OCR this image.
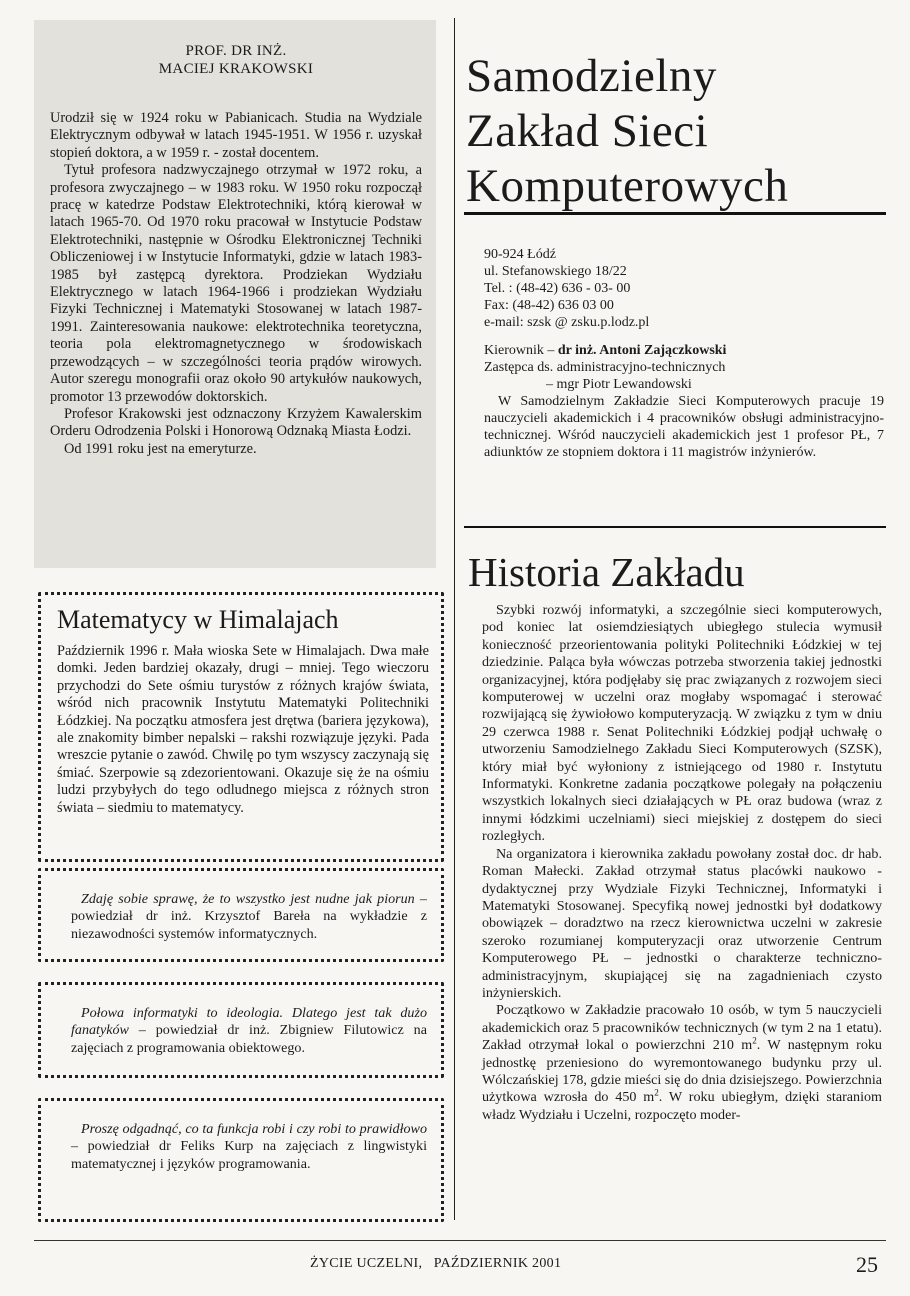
PROF. DR INŻ.
MACIEJ KRAKOWSKI

Urodził się w 1924 roku w Pabianicach. Studia na Wydziale Elektrycznym odbywał w latach 1945-1951. W 1956 r. uzyskał stopień doktora, a w 1959 r. - został docentem.

Tytuł profesora nadzwyczajnego otrzymał w 1972 roku, a profesora zwyczajnego – w 1983 roku. W 1950 roku rozpoczął pracę w katedrze Podstaw Elektrotechniki, którą kierował w latach 1965-70. Od 1970 roku pracował w Instytucie Podstaw Elektrotechniki, następnie w Ośrodku Elektronicznej Techniki Obliczeniowej i w Instytucie Informatyki, gdzie w latach 1983-1985 był zastępcą dyrektora. Prodziekan Wydziału Elektrycznego w latach 1964-1966 i prodziekan Wydziału Fizyki Technicznej i Matematyki Stosowanej w latach 1987-1991. Zainteresowania naukowe: elektrotechnika teoretyczna, teoria pola elektromagnetycznego w środowiskach przewodzących – w szczególności teoria prądów wirowych. Autor szeregu monografii oraz około 90 artykułów naukowych, promotor 13 przewodów doktorskich.

Profesor Krakowski jest odznaczony Krzyżem Kawalerskim Orderu Odrodzenia Polski i Honorową Odznaką Miasta Łodzi.

Od 1991 roku jest na emeryturze.

Samodzielny
Zakład Sieci
Komputerowych
90-924 Łódź
ul. Stefanowskiego 18/22
Tel. : (48-42) 636 - 03- 00
Fax: (48-42) 636 03 00
e-mail: szsk @ zsku.p.lodz.pl
Kierownik – dr inż. Antoni Zajączkowski
Zastępca ds. administracyjno-technicznych
– mgr Piotr Lewandowski

W Samodzielnym Zakładzie Sieci Komputerowych pracuje 19 nauczycieli akademickich i 4 pracowników obsługi administracyjno-technicznej. Wśród nauczycieli akademickich jest 1 profesor PŁ, 7 adiunktów ze stopniem doktora i 11 magistrów inżynierów.

Historia Zakładu

Szybki rozwój informatyki, a szczególnie sieci komputerowych, pod koniec lat osiemdziesiątych ubiegłego stulecia wymusił konieczność przeorientowania polityki Politechniki Łódzkiej w tej dziedzinie. Paląca była wówczas potrzeba stworzenia takiej jednostki organizacyjnej, która podjęłaby się prac związanych z rozwojem sieci komputerowej w uczelni oraz mogłaby wspomagać i sterować rozwijającą się żywiołowo komputeryzacją. W związku z tym w dniu 29 czerwca 1988 r. Senat Politechniki Łódzkiej podjął uchwałę o utworzeniu Samodzielnego Zakładu Sieci Komputerowych (SZSK), który miał być wyłoniony z istniejącego od 1980 r. Instytutu Informatyki. Konkretne zadania początkowe polegały na połączeniu wszystkich lokalnych sieci działających w PŁ oraz budowa (wraz z innymi łódzkimi uczelniami) sieci miejskiej z dostępem do sieci rozległych.

Na organizatora i kierownika zakładu powołany został doc. dr hab. Roman Małecki. Zakład otrzymał status placówki naukowo - dydaktycznej przy Wydziale Fizyki Technicznej, Informatyki i Matematyki Stosowanej. Specyfiką nowej jednostki był dodatkowy obowiązek – doradztwo na rzecz kierownictwa uczelni w zakresie szeroko rozumianej komputeryzacji oraz utworzenie Centrum Komputerowego PŁ – jednostki o charakterze techniczno-administracyjnym, skupiającej się na zagadnieniach czysto inżynierskich.

Początkowo w Zakładzie pracowało 10 osób, w tym 5 nauczycieli akademickich oraz 5 pracowników technicznych (w tym 2 na 1 etatu). Zakład otrzymał lokal o powierzchni 210 $m^2$. W następnym roku jednostkę przeniesiono do wyremontowanego budynku przy ul. Wólczańskiej 178, gdzie mieści się do dnia dzisiejszego. Powierzchnia użytkowa wzrosła do 450 $m^2$. W roku ubiegłym, dzięki staraniom władz Wydziału i Uczelni, rozpoczęto moder-

Matematycy w Himalajach
Październik 1996 r. Mała wioska Sete w Himalajach. Dwa małe domki. Jeden bardziej okazały, drugi – mniej. Tego wieczoru przychodzi do Sete ośmiu turystów z różnych krajów świata, wśród nich pracownik Instytutu Matematyki Politechniki Łódzkiej. Na początku atmosfera jest drętwa (bariera językowa), ale znakomity bimber nepalski – rakshi rozwiązuje języki. Pada wreszcie pytanie o zawód. Chwilę po tym wszyscy zaczynają się śmiać. Szerpowie są zdezorientowani. Okazuje się że na ośmiu ludzi przybyłych do tego odludnego miejsca z różnych stron świata – siedmiu to matematycy.
Zdaję sobie sprawę, że to wszystko jest nudne jak piorun – powiedział dr inż. Krzysztof Bareła na wykładzie z niezawodności systemów informatycznych.
Połowa informatyki to ideologia. Dlatego jest tak dużo fanatyków – powiedział dr inż. Zbigniew Filutowicz na zajęciach z programowania obiektowego.
Proszę odgadnąć, co ta funkcja robi i czy robi to prawidłowo – powiedział dr Feliks Kurp na zajęciach z lingwistyki matematycznej i języków programowania.
ŻYCIE UCZELNI,   PAŹDZIERNIK 2001	25
